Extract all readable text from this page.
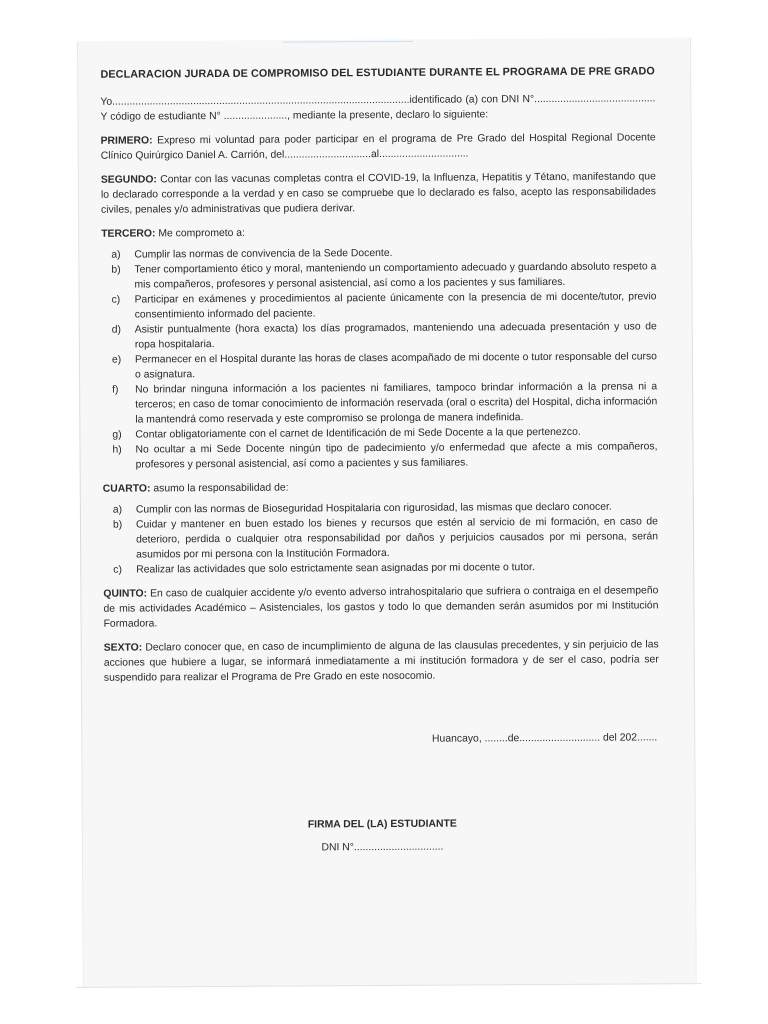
DECLARACION JURADA DE COMPROMISO DEL ESTUDIANTE DURANTE EL PROGRAMA DE PRE GRADO
Yo.......................................................................................................identificado (a) con DNI N°.......................................... Y código de estudiante N° ......................, mediante la presente, declaro lo siguiente:
PRIMERO: Expreso mi voluntad para poder participar en el programa de Pre Grado del Hospital Regional Docente Clínico Quirúrgico Daniel A. Carrión, del..............................al...............................
SEGUNDO: Contar con las vacunas completas contra el COVID-19, la Influenza, Hepatitis y Tétano, manifestando que lo declarado corresponde a la verdad y en caso se compruebe que lo declarado es falso, acepto las responsabilidades civiles, penales y/o administrativas que pudiera derivar.
TERCERO: Me comprometo a:
a) Cumplir las normas de convivencia de la Sede Docente.
b) Tener comportamiento ético y moral, manteniendo un comportamiento adecuado y guardando absoluto respeto a mis compañeros, profesores y personal asistencial, así como a los pacientes y sus familiares.
c) Participar en exámenes y procedimientos al paciente únicamente con la presencia de mi docente/tutor, previo consentimiento informado del paciente.
d) Asistir puntualmente (hora exacta) los días programados, manteniendo una adecuada presentación y uso de ropa hospitalaria.
e) Permanecer en el Hospital durante las horas de clases acompañado de mi docente o tutor responsable del curso o asignatura.
f) No brindar ninguna información a los pacientes ni familiares, tampoco brindar información a la prensa ni a terceros; en caso de tomar conocimiento de información reservada (oral o escrita) del Hospital, dicha información la mantendrá como reservada y este compromiso se prolonga de manera indefinida.
g) Contar obligatoriamente con el carnet de Identificación de mi Sede Docente a la que pertenezco.
h) No ocultar a mi Sede Docente ningún tipo de padecimiento y/o enfermedad que afecte a mis compañeros, profesores y personal asistencial, así como a pacientes y sus familiares.
CUARTO: asumo la responsabilidad de:
a) Cumplir con las normas de Bioseguridad Hospitalaria con rigurosidad, las mismas que declaro conocer.
b) Cuidar y mantener en buen estado los bienes y recursos que estén al servicio de mi formación, en caso de deterioro, perdida o cualquier otra responsabilidad por daños y perjuicios causados por mi persona, serán asumidos por mi persona con la Institución Formadora.
c) Realizar las actividades que solo estrictamente sean asignadas por mi docente o tutor.
QUINTO: En caso de cualquier accidente y/o evento adverso intrahospitalario que sufriera o contraiga en el desempeño de mis actividades Académico – Asistenciales, los gastos y todo lo que demanden serán asumidos por mi Institución Formadora.
SEXTO: Declaro conocer que, en caso de incumplimiento de alguna de las clausulas precedentes, y sin perjuicio de las acciones que hubiere a lugar, se informará inmediatamente a mi institución formadora y de ser el caso, podría ser suspendido para realizar el Programa de Pre Grado en este nosocomio.
Huancayo, ........de............................ del 202.......
FIRMA DEL (LA) ESTUDIANTE
DNI N°...............................
